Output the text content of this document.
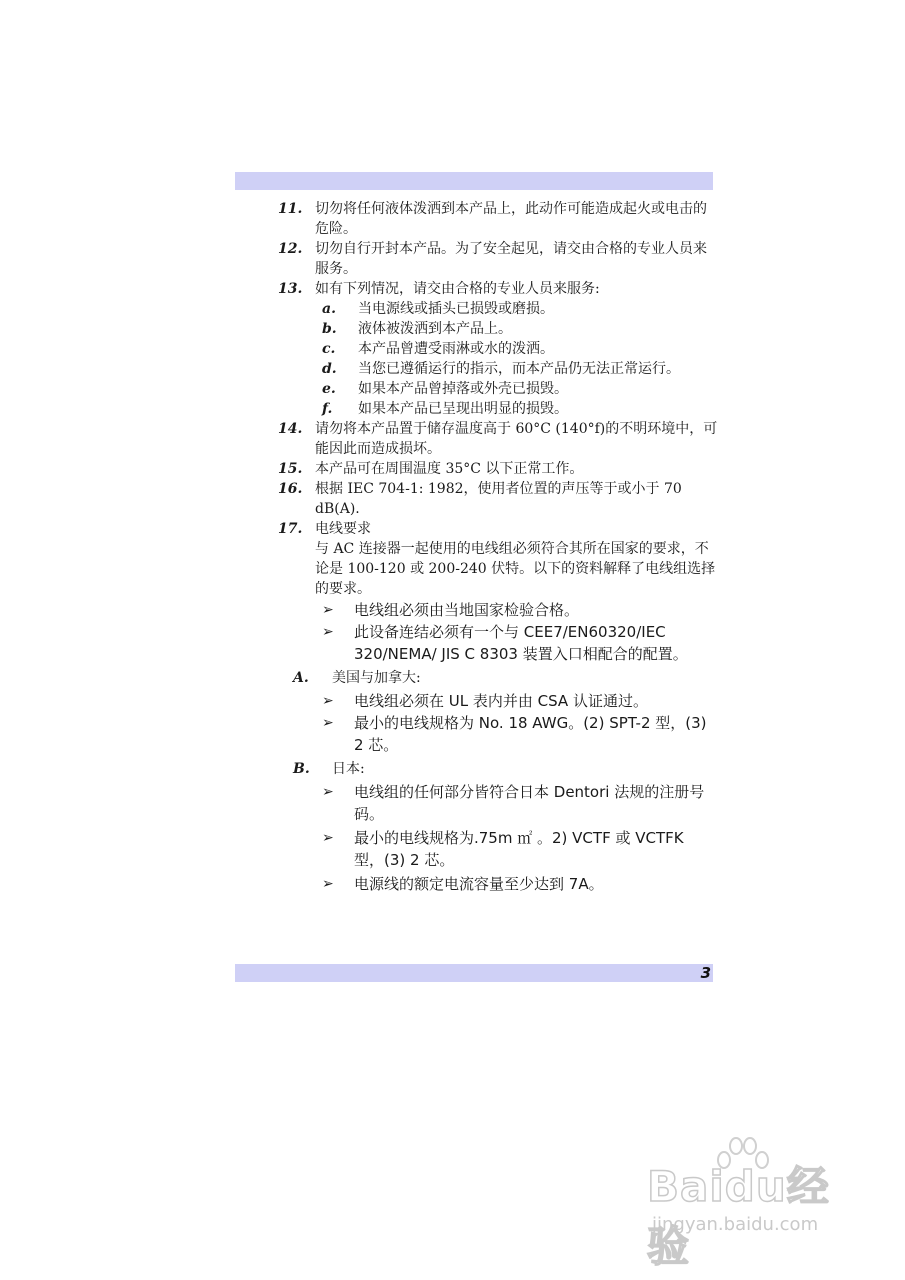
11. 切勿将任何液体泼洒到本产品上，此动作可能造成起火或电击的危险。
12. 切勿自行开封本产品。为了安全起见，请交由合格的专业人员来服务。
13. 如有下列情况，请交由合格的专业人员来服务:
a. 当电源线或插头已损毁或磨损。
b. 液体被泼洒到本产品上。
c. 本产品曾遭受雨淋或水的泼洒。
d. 当您已遵循运行的指示，而本产品仍无法正常运行。
e. 如果本产品曾掉落或外壳已损毁。
f. 如果本产品已呈现出明显的损毁。
14. 请勿将本产品置于储存温度高于 60°C (140°f)的不明环境中，可能因此而造成损坏。
15. 本产品可在周围温度 35°C 以下正常工作。
16. 根据 IEC 704-1: 1982，使用者位置的声压等于或小于 70 dB(A).
17. 电线要求
与 AC 连接器一起使用的电线组必须符合其所在国家的要求，不论是 100-120 或 200-240 伏特。以下的资料解释了电线组选择的要求。
➢ 电线组必须由当地国家检验合格。
➢ 此设备连结必须有一个与 CEE7/EN60320/IEC 320/NEMA/ JIS C 8303 装置入口相配合的配置。
A. 美国与加拿大:
➢ 电线组必须在 UL 表内并由 CSA 认证通过。
➢ 最小的电线规格为 No. 18 AWG。(2) SPT-2 型，(3) 2 芯。
B. 日本:
➢ 电线组的任何部分皆符合日本 Dentori 法规的注册号码。
➢ 最小的电线规格为.75m ㎡ 。2) VCTF 或 VCTFK 型，(3) 2 芯。
➢ 电源线的额定电流容量至少达到 7A。
3
Baidu经验
jingyan.baidu.com
